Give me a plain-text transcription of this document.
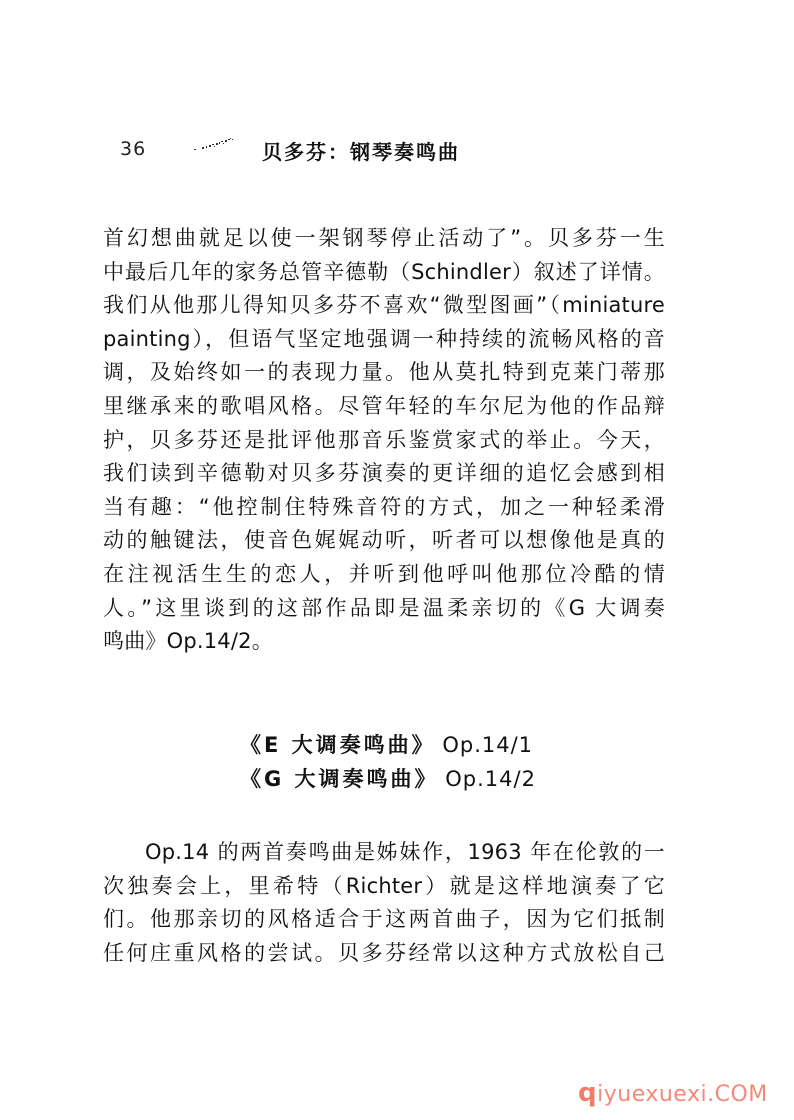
36	贝多芬：钢琴奏鸣曲
首幻想曲就足以使一架钢琴停止活动了”。贝多芬一生
中最后几年的家务总管辛德勒（Schindler）叙述了详情。
我们从他那儿得知贝多芬不喜欢“微型图画”（miniature
painting），但语气坚定地强调一种持续的流畅风格的音
调，及始终如一的表现力量。他从莫扎特到克莱门蒂那
里继承来的歌唱风格。尽管年轻的车尔尼为他的作品辩
护，贝多芬还是批评他那音乐鉴赏家式的举止。今天，
我们读到辛德勒对贝多芬演奏的更详细的追忆会感到相
当有趣：“他控制住特殊音符的方式，加之一种轻柔滑
动的触键法，使音色娓娓动听，听者可以想像他是真的
在注视活生生的恋人，并听到他呼叫他那位冷酷的情
人。”这里谈到的这部作品即是温柔亲切的《G 大调奏
鸣曲》Op.14/2。
《E 大调奏鸣曲》 Op.14/1
《G 大调奏鸣曲》 Op.14/2
Op.14 的两首奏鸣曲是姊妹作，1963 年在伦敦的一
次独奏会上，里希特（Richter）就是这样地演奏了它
们。他那亲切的风格适合于这两首曲子，因为它们抵制
任何庄重风格的尝试。贝多芬经常以这种方式放松自己
qiyuexuexi.COM
